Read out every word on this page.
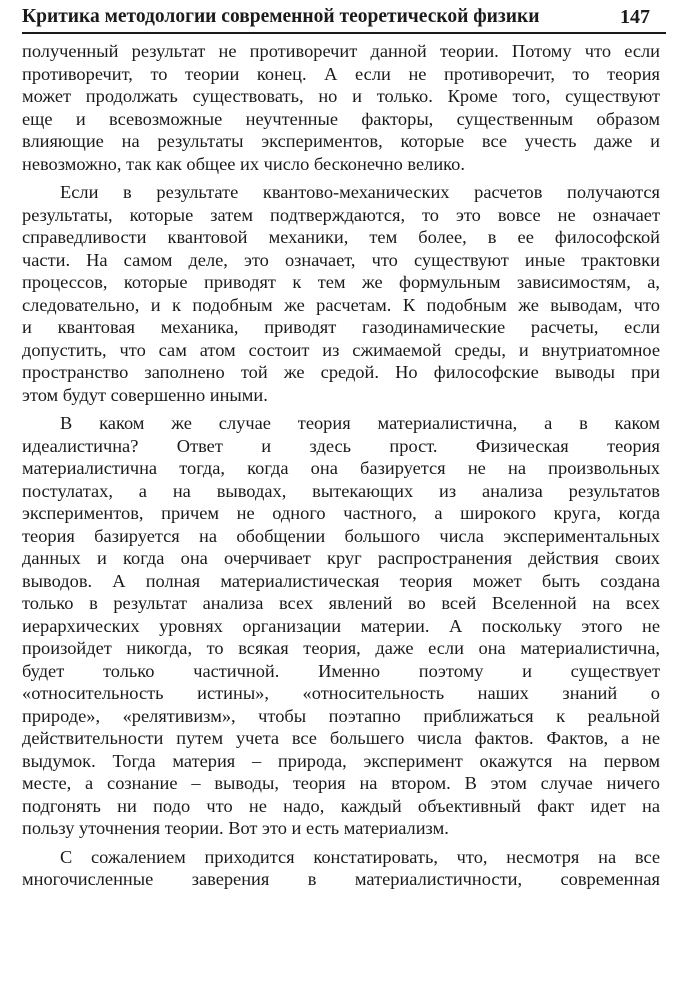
Критика методологии современной теоретической физики	147
полученный результат не противоречит данной теории. Потому что если
противоречит, то теории конец. А если не противоречит, то теория
может продолжать существовать, но и только. Кроме того, существуют
еще и всевозможные неучтенные факторы, существенным образом
влияющие на результаты экспериментов, которые все учесть даже и
невозможно, так как общее их число бесконечно велико.
Если в результате квантово-механических расчетов получаются
результаты, которые затем подтверждаются, то это вовсе не означает
справедливости квантовой механики, тем более, в ее философской
части. На самом деле, это означает, что существуют иные трактовки
процессов, которые приводят к тем же формульным зависимостям, а,
следовательно, и к подобным же расчетам. К подобным же выводам, что
и квантовая механика, приводят газодинамические расчеты, если
допустить, что сам атом состоит из сжимаемой среды, и внутриатомное
пространство заполнено той же средой. Но философские выводы при
этом будут совершенно иными.
В каком же случае теория материалистична, а в каком
идеалистична? Ответ и здесь прост. Физическая теория
материалистична тогда, когда она базируется не на произвольных
постулатах, а на выводах, вытекающих из анализа результатов
экспериментов, причем не одного частного, а широкого круга, когда
теория базируется на обобщении большого числа экспериментальных
данных и когда она очерчивает круг распространения действия своих
выводов. А полная материалистическая теория может быть создана
только в результат анализа всех явлений во всей Вселенной на всех
иерархических уровнях организации материи. А поскольку этого не
произойдет никогда, то всякая теория, даже если она материалистична,
будет только частичной. Именно поэтому и существует
«относительность истины», «относительность наших знаний о
природе», «релятивизм», чтобы поэтапно приближаться к реальной
действительности путем учета все большего числа фактов. Фактов, а не
выдумок. Тогда материя – природа, эксперимент окажутся на первом
месте, а сознание – выводы, теория на втором. В этом случае ничего
подгонять ни подо что не надо, каждый объективный факт идет на
пользу уточнения теории. Вот это и есть материализм.
С сожалением приходится констатировать, что, несмотря на все
многочисленные заверения в материалистичности, современная
